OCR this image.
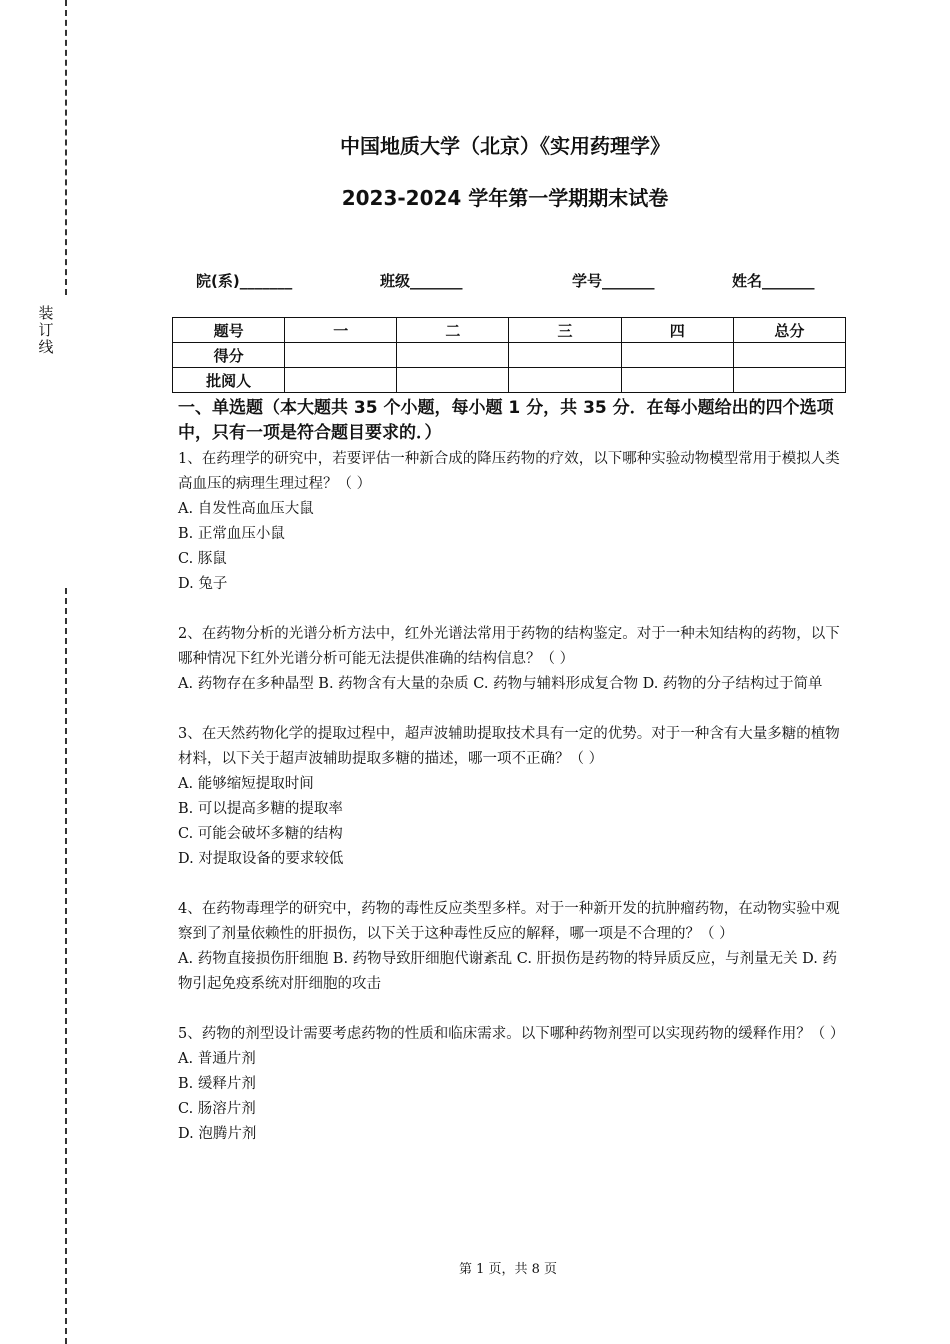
装订线
中国地质大学（北京）《实用药理学》
2023-2024 学年第一学期期末试卷
院(系)_______	班级_______	学号_______	姓名_______
题号	一	二	三	四	总分
得分					
批阅人					
一、单选题（本大题共 35 个小题，每小题 1 分，共 35 分．在每小题给出的四个选项中，只有一项是符合题目要求的．）

1、在药理学的研究中，若要评估一种新合成的降压药物的疗效，以下哪种实验动物模型常用于模拟人类高血压的病理生理过程？（ ）

A. 自发性高血压大鼠

B. 正常血压小鼠

C. 豚鼠

D. 兔子

2、在药物分析的光谱分析方法中，红外光谱法常用于药物的结构鉴定。对于一种未知结构的药物，以下哪种情况下红外光谱分析可能无法提供准确的结构信息？（ ）

A. 药物存在多种晶型 B. 药物含有大量的杂质 C. 药物与辅料形成复合物 D. 药物的分子结构过于简单

3、在天然药物化学的提取过程中，超声波辅助提取技术具有一定的优势。对于一种含有大量多糖的植物材料，以下关于超声波辅助提取多糖的描述，哪一项不正确？（ ）

A. 能够缩短提取时间

B. 可以提高多糖的提取率

C. 可能会破坏多糖的结构

D. 对提取设备的要求较低

4、在药物毒理学的研究中，药物的毒性反应类型多样。对于一种新开发的抗肿瘤药物，在动物实验中观察到了剂量依赖性的肝损伤，以下关于这种毒性反应的解释，哪一项是不合理的？（ ）

A. 药物直接损伤肝细胞 B. 药物导致肝细胞代谢紊乱 C. 肝损伤是药物的特异质反应，与剂量无关 D. 药物引起免疫系统对肝细胞的攻击

5、药物的剂型设计需要考虑药物的性质和临床需求。以下哪种药物剂型可以实现药物的缓释作用？（ ）

A. 普通片剂

B. 缓释片剂

C. 肠溶片剂

D. 泡腾片剂

第 1 页，共 8 页
